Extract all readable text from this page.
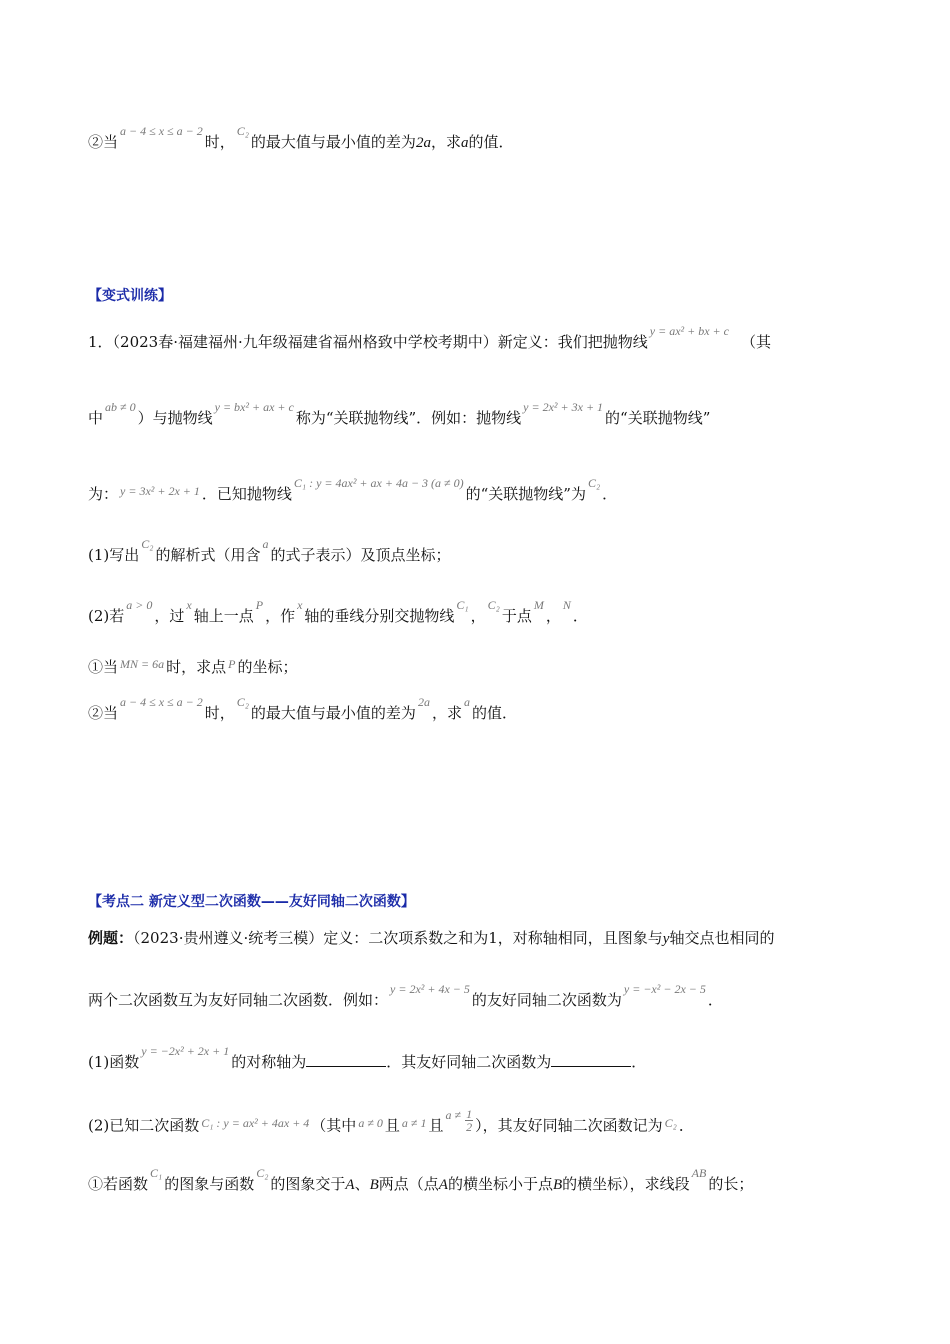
②当$^{a - 4 \le x \le a - 2}$时，$^{C_2}$的最大值与最小值的差为2a，求a的值．
【变式训练】
1．（2023春·福建福州·九年级福建省福州格致中学校考期中）新定义：我们把抛物线$^{y = ax^2 + bx + c}$（其
中$^{ab \ne 0}$）与抛物线$^{y = bx^2 + ax + c}$称为“关联抛物线”．例如：抛物线$^{y = 2x^2 + 3x + 1}$的“关联抛物线”
为： $^{y = 3x^2 + 2x + 1}$ ．已知抛物线$^{C_1 : y = 4ax^2 + ax + 4a - 3 (a \ne 0)}$的“关联抛物线”为$^{C_2}$．
(1)写出$^{C_2}$的解析式（用含$^a$的式子表示）及顶点坐标；
(2)若$^{a > 0}$，过$^x$轴上一点$^P$，作$^x$轴的垂线分别交抛物线$^{C_1}$，$^{C_2}$于点$^M$，$^N$．
①当 $^{MN = 6a}$ 时，求点 $^P$ 的坐标；
②当$^{a - 4 \le x \le a - 2}$时，$^{C_2}$的最大值与最小值的差为$^{2a}$，求$^a$的值．
【考点二 新定义型二次函数——友好同轴二次函数】
例题：（2023·贵州遵义·统考三模）定义：二次项系数之和为1，对称轴相同，且图象与y轴交点也相同的
两个二次函数互为友好同轴二次函数．例如：$^{y = 2x^2 + 4x - 5}$的友好同轴二次函数为$^{y = -x^2 - 2x - 5}$．
(1)函数$^{y = -2x^2 + 2x + 1}$的对称轴为	．其友好同轴二次函数为	．
(2)已知二次函数 $^{C_1 : y = ax^2 + 4ax + 4}$ （其中 $^{a \ne 0}$ 且 $^{a \ne 1}$ 且$^{a \ne} \frac{1}{2}$ ），其友好同轴二次函数记为 $^{C_2}$ ．
①若函数$^{C_1}$的图象与函数$^{C_2}$的图象交于A、B两点（点A的横坐标小于点B的横坐标），求线段$^{AB}$的长；
